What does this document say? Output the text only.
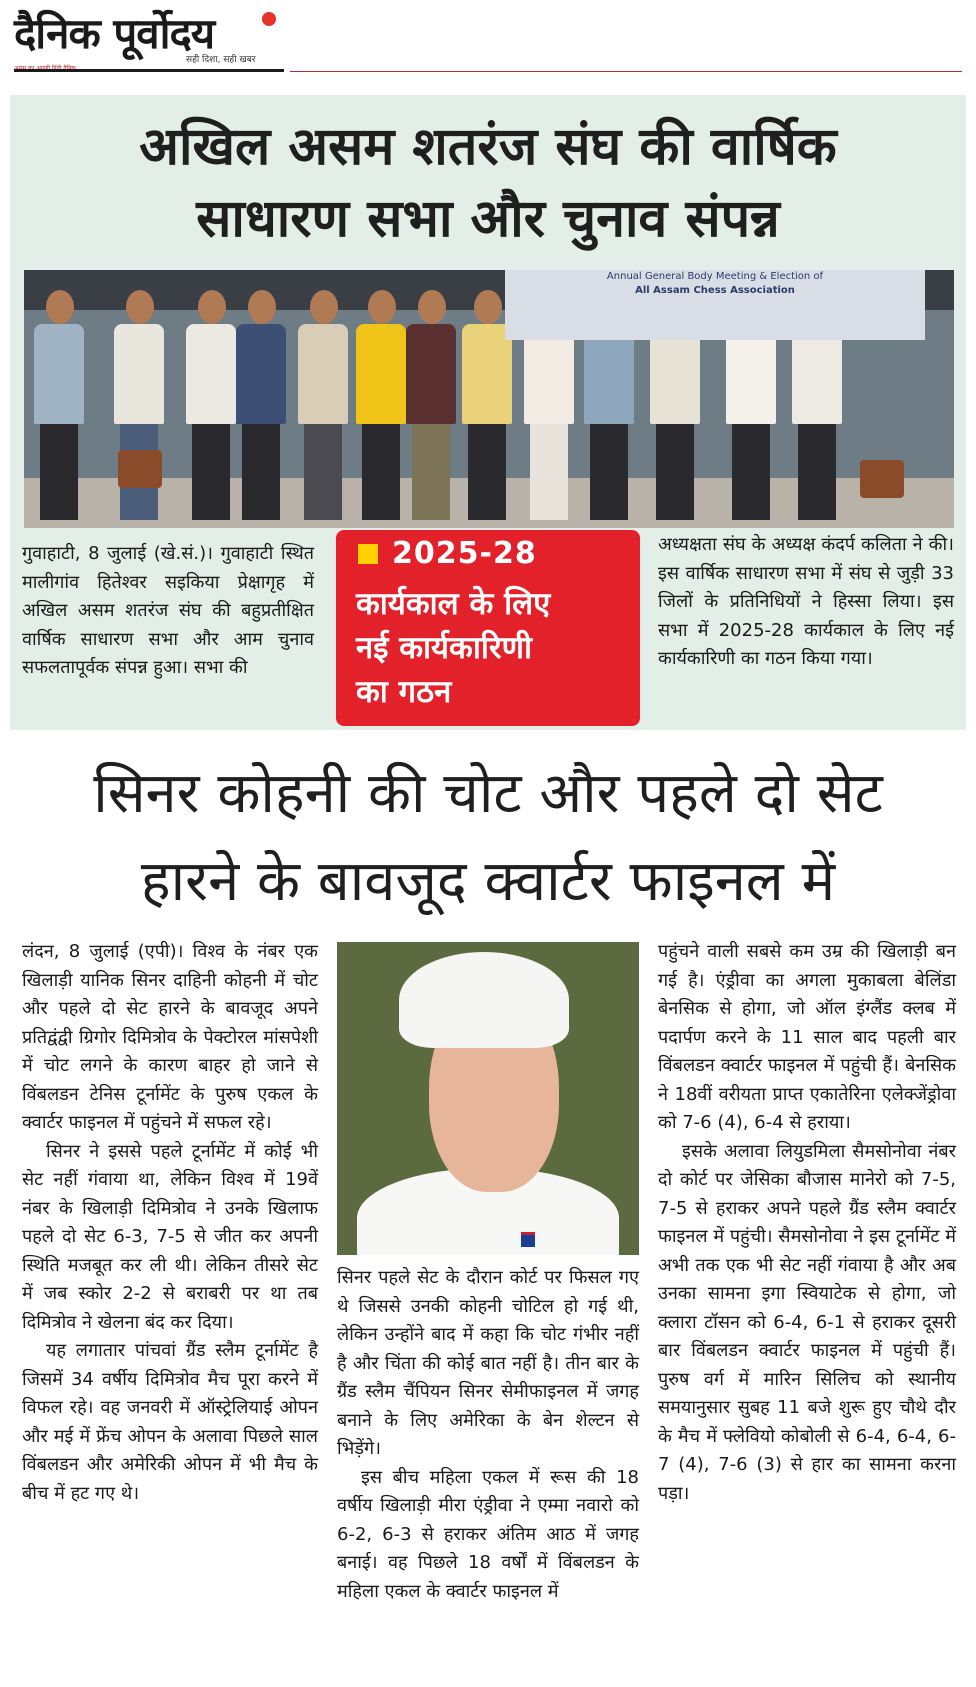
दैनिक पूर्वोदय
सही दिशा, सही खबर
अखिल असम शतरंज संघ की वार्षिक
साधारण सभा और चुनाव संपन्न
Annual General Body Meeting & Election of
All Assam Chess Association

गुवाहाटी, 8 जुलाई (खे.सं.)। गुवाहाटी स्थित मालीगांव हितेश्वर सइकिया प्रेक्षागृह में अखिल असम शतरंज संघ की बहुप्रतीक्षित वार्षिक साधारण सभा और आम चुनाव सफलतापूर्वक संपन्न हुआ। सभा की

2025-28
कार्यकाल के लिए
नई कार्यकारिणी
का गठन

अध्यक्षता संघ के अध्यक्ष कंदर्प कलिता ने की। इस वार्षिक साधारण सभा में संघ से जुड़ी 33 जिलों के प्रतिनिधियों ने हिस्सा लिया। इस सभा में 2025-28 कार्यकाल के लिए नई कार्यकारिणी का गठन किया गया।

सिनर कोहनी की चोट और पहले दो सेट
हारने के बावजूद क्वार्टर फाइनल में

लंदन, 8 जुलाई (एपी)। विश्व के नंबर एक खिलाड़ी यानिक सिनर दाहिनी कोहनी में चोट और पहले दो सेट हारने के बावजूद अपने प्रतिद्वंद्वी ग्रिगोर दिमित्रोव के पेक्टोरल मांसपेशी में चोट लगने के कारण बाहर हो जाने से विंबलडन टेनिस टूर्नामेंट के पुरुष एकल के क्वार्टर फाइनल में पहुंचने में सफल रहे।

सिनर ने इससे पहले टूर्नामेंट में कोई भी सेट नहीं गंवाया था, लेकिन विश्व में 19वें नंबर के खिलाड़ी दिमित्रोव ने उनके खिलाफ पहले दो सेट 6-3, 7-5 से जीत कर अपनी स्थिति मजबूत कर ली थी। लेकिन तीसरे सेट में जब स्कोर 2-2 से बराबरी पर था तब दिमित्रोव ने खेलना बंद कर दिया।

यह लगातार पांचवां ग्रैंड स्लैम टूर्नामेंट है जिसमें 34 वर्षीय दिमित्रोव मैच पूरा करने में विफल रहे। वह जनवरी में ऑस्ट्रेलियाई ओपन और मई में फ्रेंच ओपन के अलावा पिछले साल विंबलडन और अमेरिकी ओपन में भी मैच के बीच में हट गए थे।

सिनर पहले सेट के दौरान कोर्ट पर फिसल गए थे जिससे उनकी कोहनी चोटिल हो गई थी, लेकिन उन्होंने बाद में कहा कि चोट गंभीर नहीं है और चिंता की कोई बात नहीं है। तीन बार के ग्रैंड स्लैम चैंपियन सिनर सेमीफाइनल में जगह बनाने के लिए अमेरिका के बेन शेल्टन से भिड़ेंगे।

इस बीच महिला एकल में रूस की 18 वर्षीय खिलाड़ी मीरा एंड्रीवा ने एम्मा नवारो को 6-2, 6-3 से हराकर अंतिम आठ में जगह बनाई। वह पिछले 18 वर्षों में विंबलडन के महिला एकल के क्वार्टर फाइनल में

पहुंचने वाली सबसे कम उम्र की खिलाड़ी बन गई है। एंड्रीवा का अगला मुकाबला बेलिंडा बेनसिक से होगा, जो ऑल इंग्लैंड क्लब में पदार्पण करने के 11 साल बाद पहली बार विंबलडन क्वार्टर फाइनल में पहुंची हैं। बेनसिक ने 18वीं वरीयता प्राप्त एकातेरिना एलेक्जेंड्रोवा को 7-6 (4), 6-4 से हराया।

इसके अलावा लियुडमिला सैमसोनोवा नंबर दो कोर्ट पर जेसिका बौजास मानेरो को 7-5, 7-5 से हराकर अपने पहले ग्रैंड स्लैम क्वार्टर फाइनल में पहुंची। सैमसोनोवा ने इस टूर्नामेंट में अभी तक एक भी सेट नहीं गंवाया है और अब उनका सामना इगा स्वियाटेक से होगा, जो क्लारा टॉसन को 6-4, 6-1 से हराकर दूसरी बार विंबलडन क्वार्टर फाइनल में पहुंची हैं। पुरुष वर्ग में मारिन सिलिच को स्थानीय समयानुसार सुबह 11 बजे शुरू हुए चौथे दौर के मैच में फ्लेवियो कोबोली से 6-4, 6-4, 6-7 (4), 7-6 (3) से हार का सामना करना पड़ा।
